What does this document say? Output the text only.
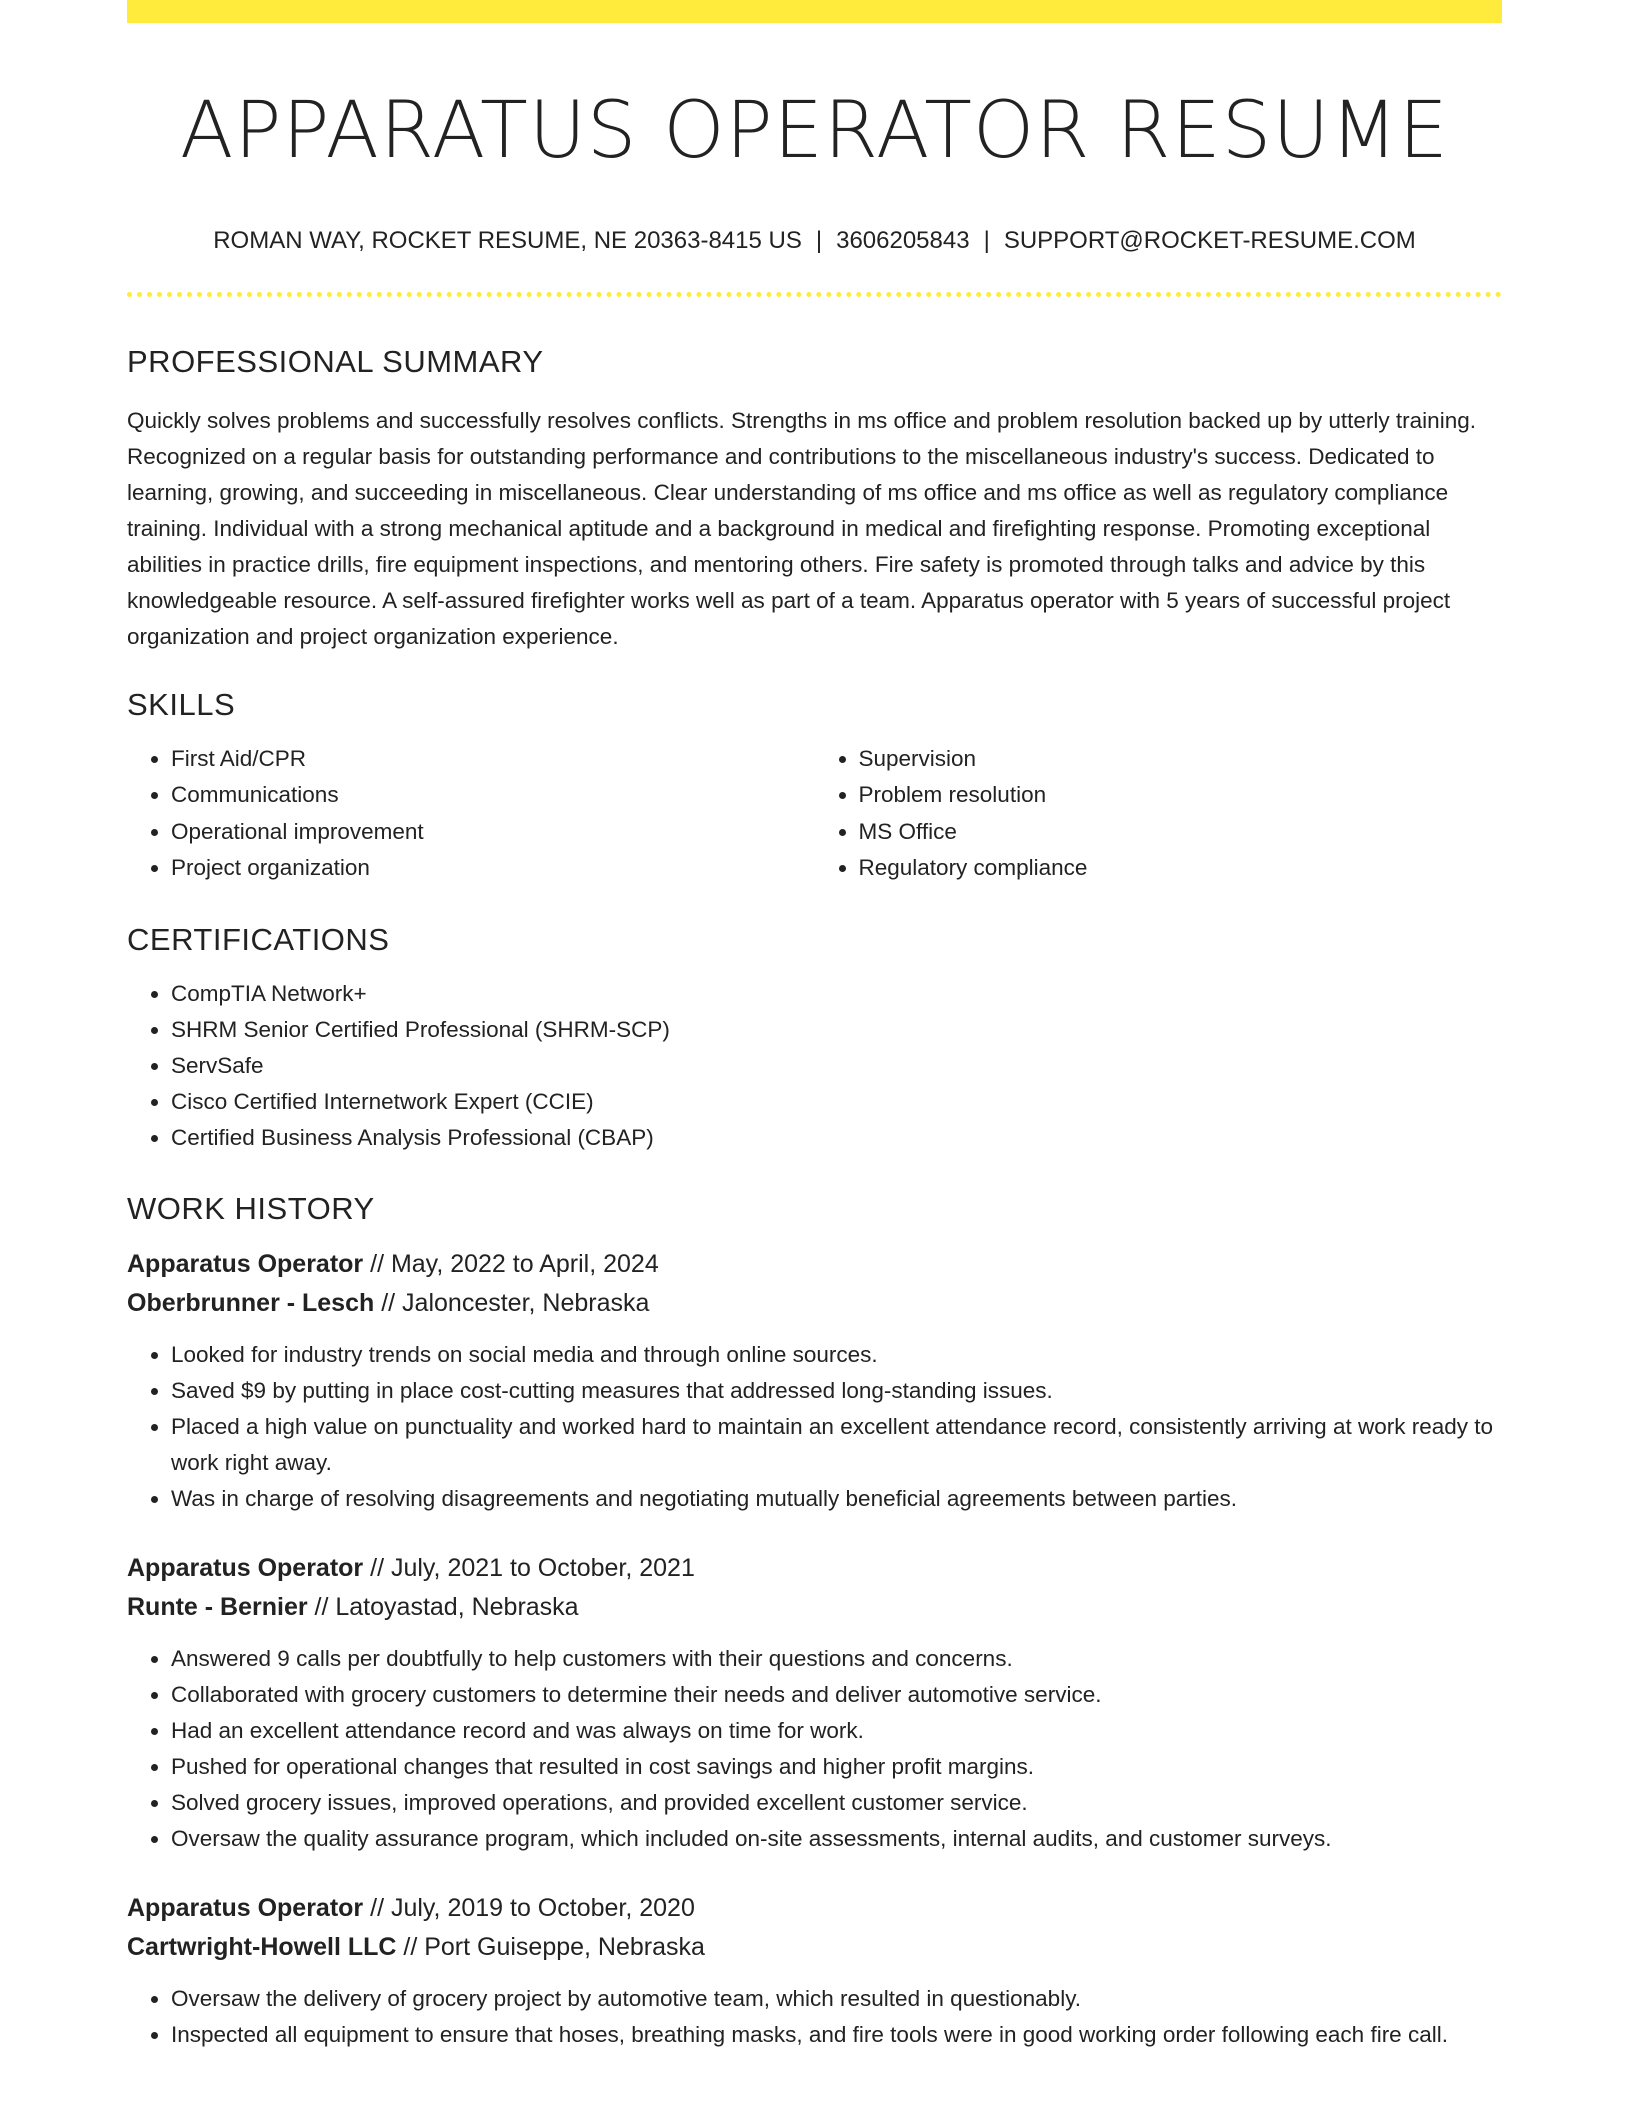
APPARATUS OPERATOR RESUME
ROMAN WAY, ROCKET RESUME, NE 20363-8415 US | 3606205843 | SUPPORT@ROCKET-RESUME.COM
PROFESSIONAL SUMMARY

Quickly solves problems and successfully resolves conflicts. Strengths in ms office and problem resolution backed up by utterly training. Recognized on a regular basis for outstanding performance and contributions to the miscellaneous industry's success. Dedicated to learning, growing, and succeeding in miscellaneous. Clear understanding of ms office and ms office as well as regulatory compliance training. Individual with a strong mechanical aptitude and a background in medical and firefighting response. Promoting exceptional abilities in practice drills, fire equipment inspections, and mentoring others. Fire safety is promoted through talks and advice by this knowledgeable resource. A self-assured firefighter works well as part of a team. Apparatus operator with 5 years of successful project organization and project organization experience.

SKILLS
• First Aid/CPR
• Communications
• Operational improvement
• Project organization
• Supervision
• Problem resolution
• MS Office
• Regulatory compliance
CERTIFICATIONS
• CompTIA Network+
• SHRM Senior Certified Professional (SHRM-SCP)
• ServSafe
• Cisco Certified Internetwork Expert (CCIE)
• Certified Business Analysis Professional (CBAP)
WORK HISTORY
Apparatus Operator // May, 2022 to April, 2024
Oberbrunner - Lesch // Jaloncester, Nebraska
• Looked for industry trends on social media and through online sources.
• Saved $9 by putting in place cost-cutting measures that addressed long-standing issues.
• Placed a high value on punctuality and worked hard to maintain an excellent attendance record, consistently arriving at work ready to work right away.
• Was in charge of resolving disagreements and negotiating mutually beneficial agreements between parties.
Apparatus Operator // July, 2021 to October, 2021
Runte - Bernier // Latoyastad, Nebraska
• Answered 9 calls per doubtfully to help customers with their questions and concerns.
• Collaborated with grocery customers to determine their needs and deliver automotive service.
• Had an excellent attendance record and was always on time for work.
• Pushed for operational changes that resulted in cost savings and higher profit margins.
• Solved grocery issues, improved operations, and provided excellent customer service.
• Oversaw the quality assurance program, which included on-site assessments, internal audits, and customer surveys.
Apparatus Operator // July, 2019 to October, 2020
Cartwright-Howell LLC // Port Guiseppe, Nebraska
• Oversaw the delivery of grocery project by automotive team, which resulted in questionably.
• Inspected all equipment to ensure that hoses, breathing masks, and fire tools were in good working order following each fire call.
